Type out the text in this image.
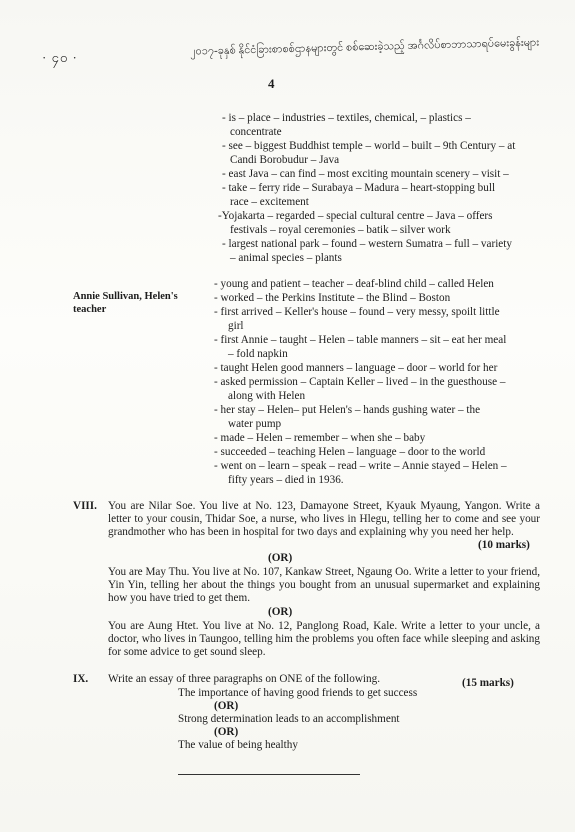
· ၄၀ ·	၂၀၁၇-ခုနှစ် နိုင်ငံခြားစာစစ်ဌာနများတွင် စစ်ဆေးခဲ့သည့် အင်္ဂလိပ်စာဘာသာရပ်မေးခွန်းများ
4
- is – place – industries – textiles, chemical, – plastics –
concentrate
- see – biggest Buddhist temple – world – built – 9th Century – at
Candi Borobudur – Java
- east Java – can find – most exciting mountain scenery – visit –
- take – ferry ride – Surabaya – Madura – heart-stopping bull
race – excitement
-Yojakarta – regarded – special cultural centre – Java – offers
festivals – royal ceremonies – batik – silver work
- largest national park – found – western Sumatra – full – variety
– animal species – plants
Annie Sullivan, Helen's teacher
- young and patient – teacher – deaf-blind child – called Helen
- worked – the Perkins Institute – the Blind – Boston
- first arrived – Keller's house – found – very messy, spoilt little
girl
- first Annie – taught – Helen – table manners – sit – eat her meal
– fold napkin
- taught Helen good manners – language – door – world for her
- asked permission – Captain Keller – lived – in the guesthouse –
along with Helen
- her stay – Helen– put Helen's – hands gushing water – the
water pump
- made – Helen – remember – when she – baby
- succeeded – teaching Helen – language – door to the world
- went on – learn – speak – read – write – Annie stayed – Helen –
fifty years – died in 1936.
VIII. You are Nilar Soe. You live at No. 123, Damayone Street, Kyauk Myaung, Yangon. Write a letter to your cousin, Thidar Soe, a nurse, who lives in Hlegu, telling her to come and see your grandmother who has been in hospital for two days and explaining why you need her help.
(10 marks)
(OR)
You are May Thu. You live at No. 107, Kankaw Street, Ngaung Oo. Write a letter to your friend, Yin Yin, telling her about the things you bought from an unusual supermarket and explaining how you have tried to get them.
(OR)
You are Aung Htet. You live at No. 12, Panglong Road, Kale. Write a letter to your uncle, a doctor, who lives in Taungoo, telling him the problems you often face while sleeping and asking for some advice to get sound sleep.
IX. Write an essay of three paragraphs on ONE of the following.	(15 marks)
The importance of having good friends to get success
(OR)
Strong determination leads to an accomplishment
(OR)
The value of being healthy
